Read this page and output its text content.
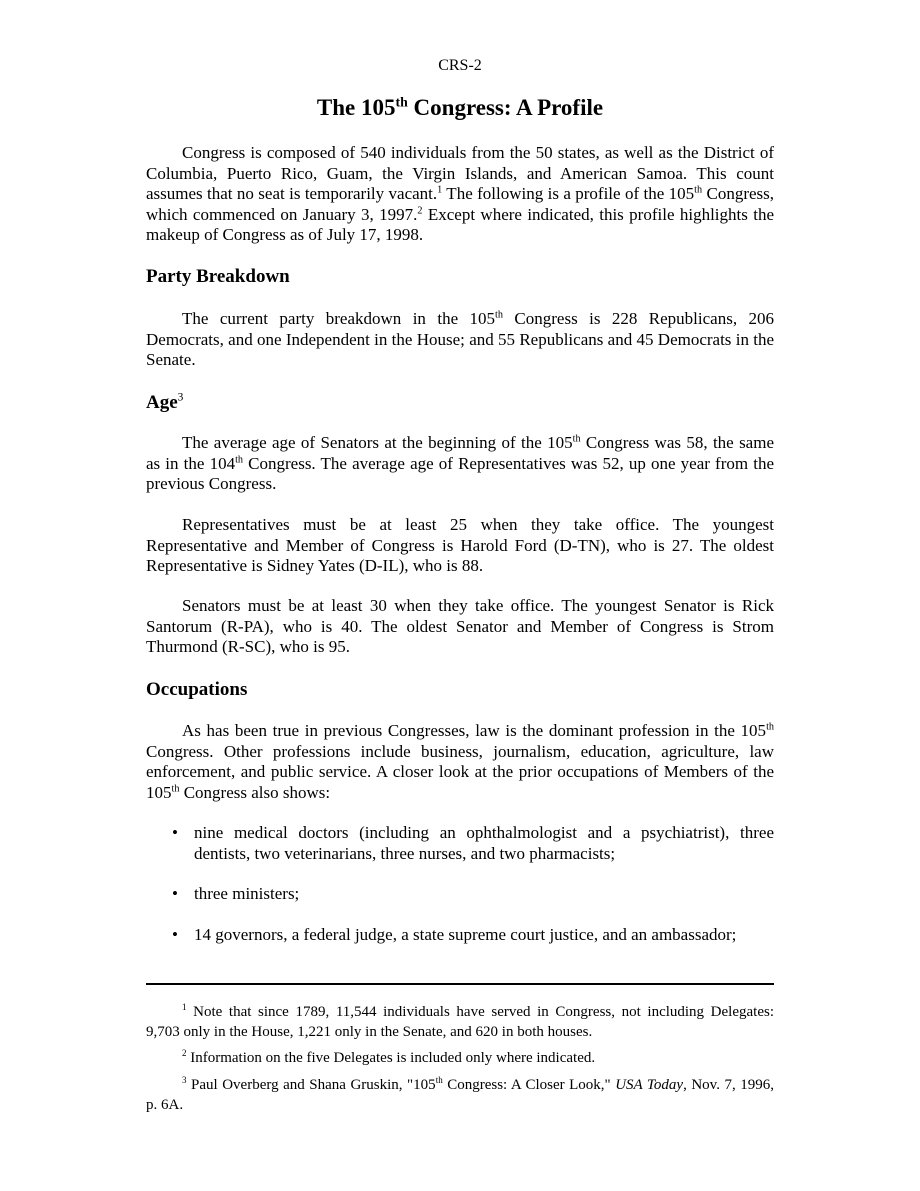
CRS-2
The 105th Congress: A Profile

Congress is composed of 540 individuals from the 50 states, as well as the District of Columbia, Puerto Rico, Guam, the Virgin Islands, and American Samoa. This count assumes that no seat is temporarily vacant.$^1$ The following is a profile of the 105th Congress, which commenced on January 3, 1997.$^2$ Except where indicated, this profile highlights the makeup of Congress as of July 17, 1998.

Party Breakdown

The current party breakdown in the 105th Congress is 228 Republicans, 206 Democrats, and one Independent in the House; and 55 Republicans and 45 Democrats in the Senate.

Age$^3$

The average age of Senators at the beginning of the 105th Congress was 58, the same as in the 104th Congress. The average age of Representatives was 52, up one year from the previous Congress.

Representatives must be at least 25 when they take office. The youngest Representative and Member of Congress is Harold Ford (D-TN), who is 27. The oldest Representative is Sidney Yates (D-IL), who is 88.

Senators must be at least 30 when they take office. The youngest Senator is Rick Santorum (R-PA), who is 40. The oldest Senator and Member of Congress is Strom Thurmond (R-SC), who is 95.

Occupations

As has been true in previous Congresses, law is the dominant profession in the 105th Congress. Other professions include business, journalism, education, agriculture, law enforcement, and public service. A closer look at the prior occupations of Members of the 105th Congress also shows:

• nine medical doctors (including an ophthalmologist and a psychiatrist), three dentists, two veterinarians, three nurses, and two pharmacists;
• three ministers;
• 14 governors, a federal judge, a state supreme court justice, and an ambassador;

$^1$ Note that since 1789, 11,544 individuals have served in Congress, not including Delegates: 9,703 only in the House, 1,221 only in the Senate, and 620 in both houses.

$^2$ Information on the five Delegates is included only where indicated.

$^3$ Paul Overberg and Shana Gruskin, "105th Congress: A Closer Look," USA Today, Nov. 7, 1996, p. 6A.
